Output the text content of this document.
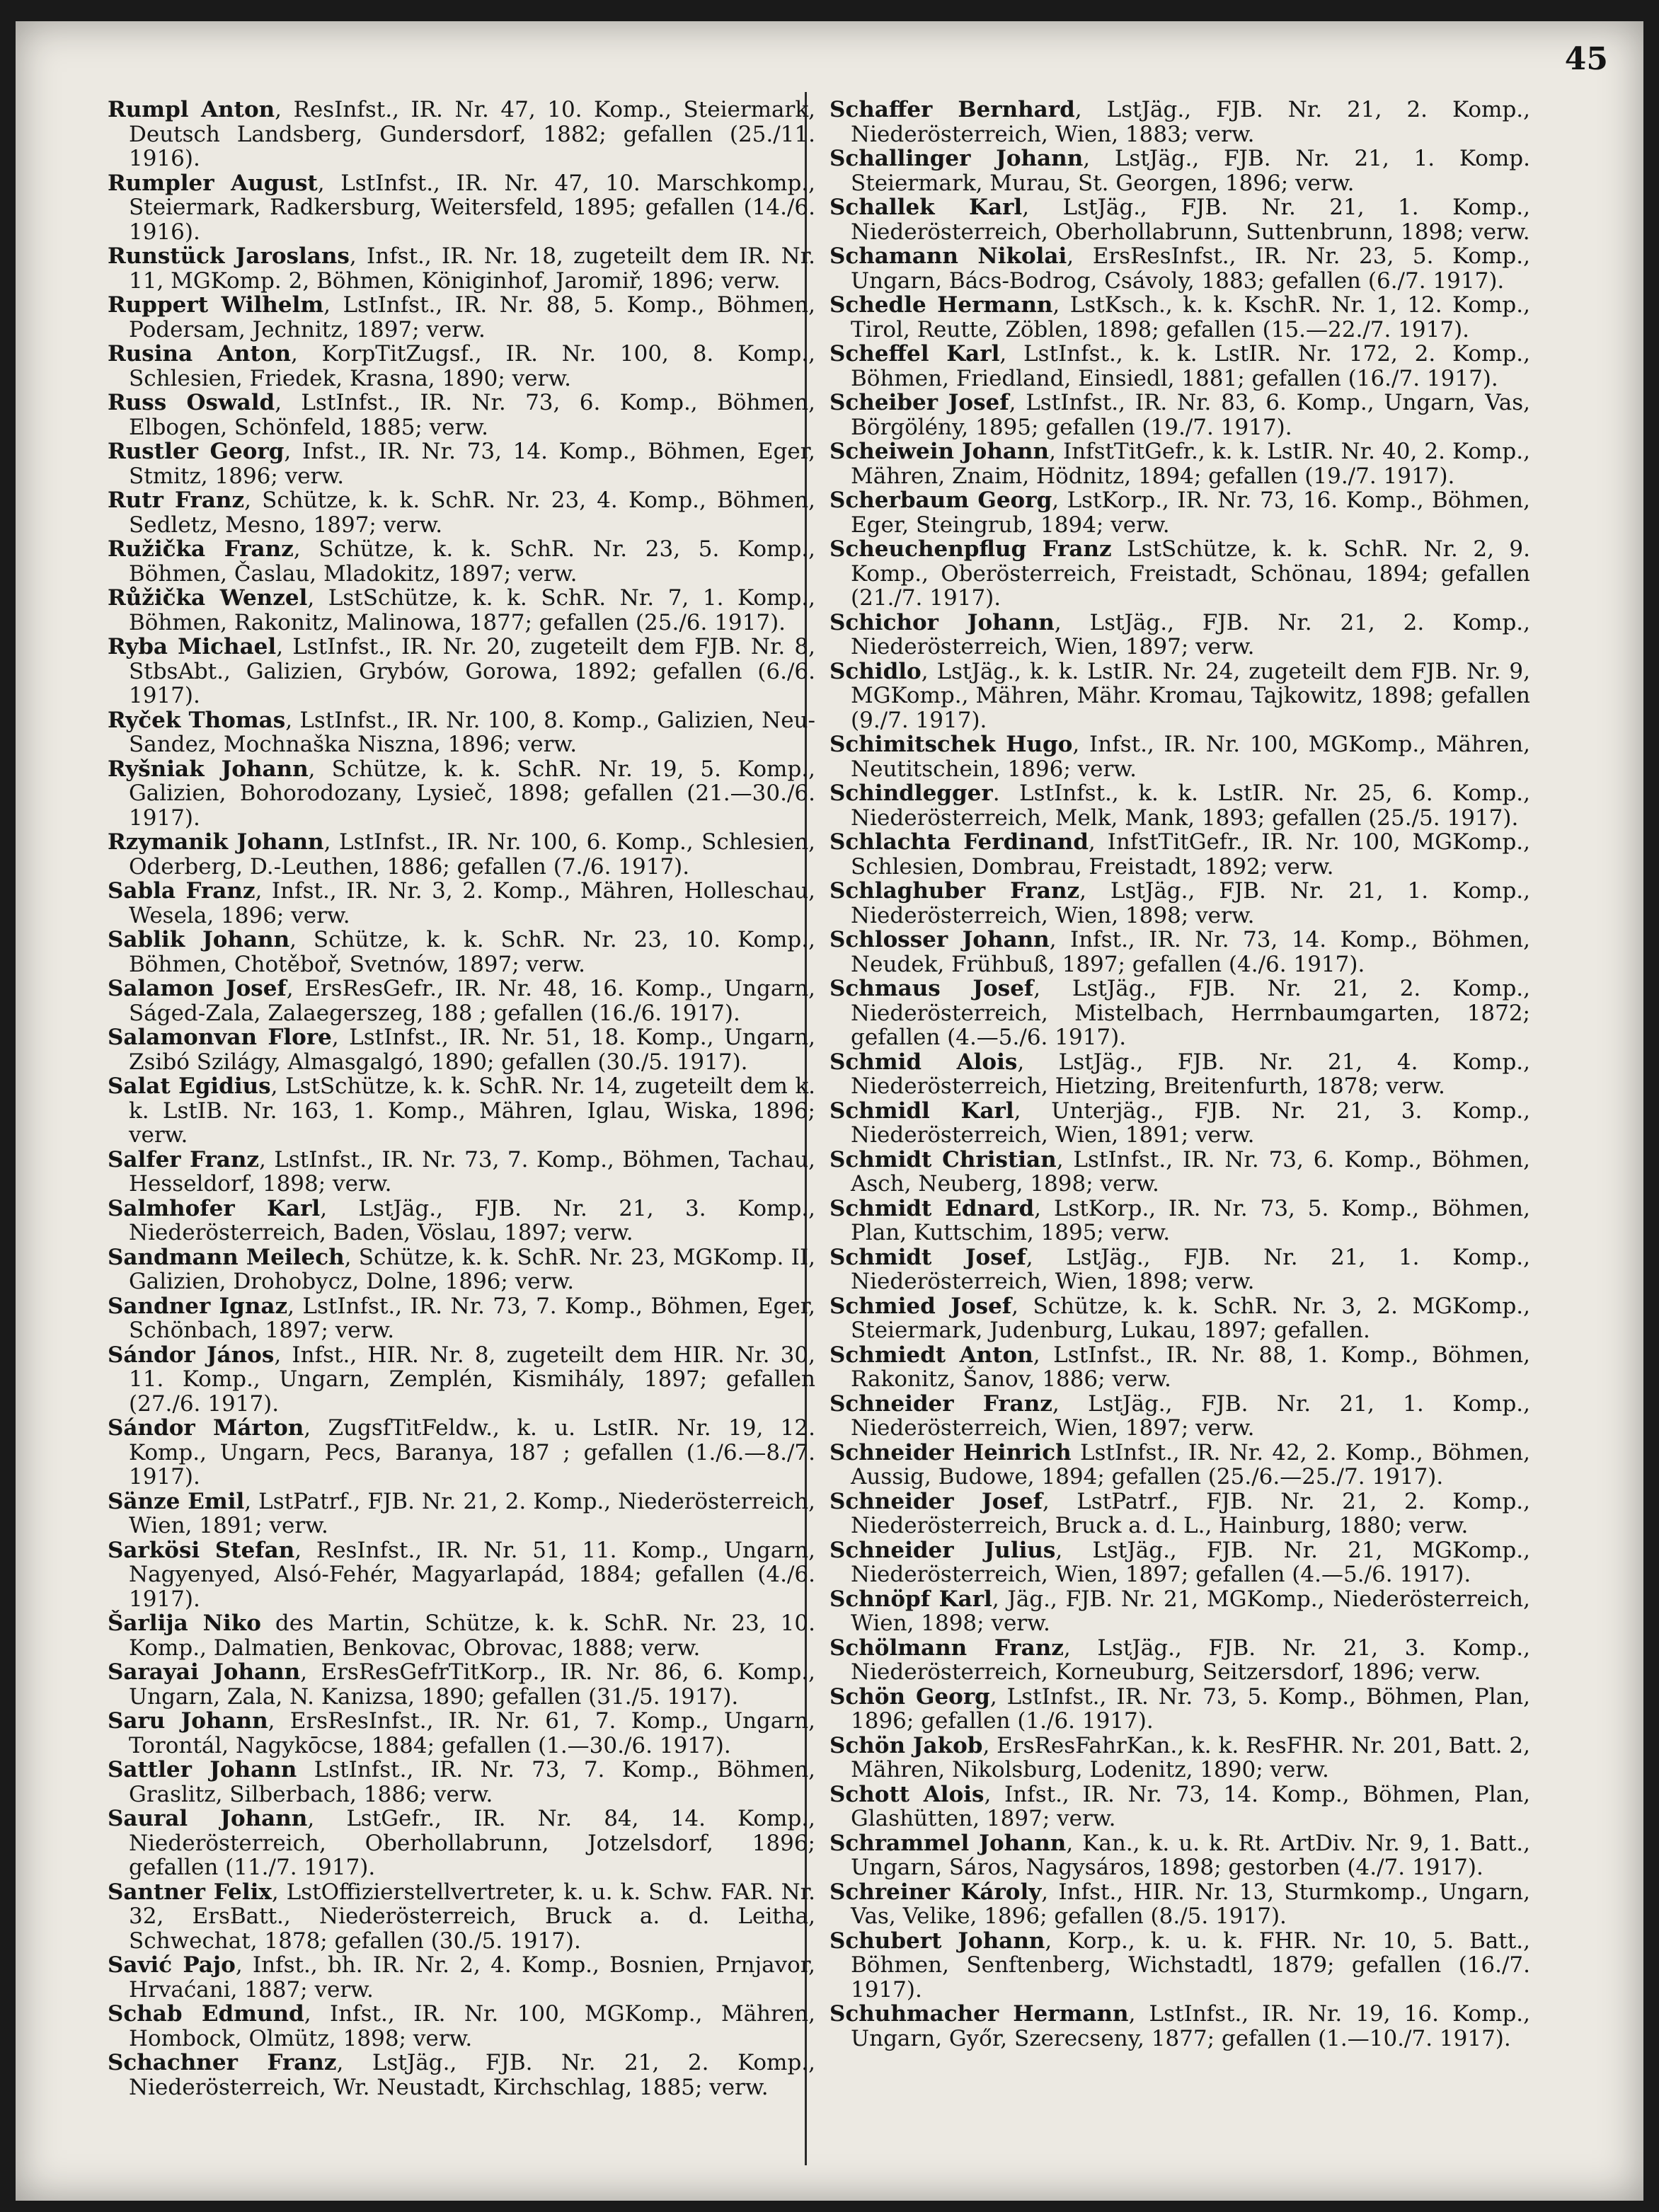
45
Rumpl Anton, ResInfst., IR. Nr. 47, 10. Komp., Steiermark, Deutsch Landsberg, Gundersdorf, 1882; gefallen (25./11. 1916).
Rumpler August, LstInfst., IR. Nr. 47, 10. Marschkomp., Steiermark, Radkersburg, Weitersfeld, 1895; gefallen (14./6. 1916).
Runstück Jaroslans, Infst., IR. Nr. 18, zugeteilt dem IR. Nr. 11, MGKomp. 2, Böhmen, Königinhof, Jaromiř, 1896; verw.
Ruppert Wilhelm, LstInfst., IR. Nr. 88, 5. Komp., Böhmen, Podersam, Jechnitz, 1897; verw.
Rusina Anton, KorpTitZugsf., IR. Nr. 100, 8. Komp., Schlesien, Friedek, Krasna, 1890; verw.
Russ Oswald, LstInfst., IR. Nr. 73, 6. Komp., Böhmen, Elbogen, Schönfeld, 1885; verw.
Rustler Georg, Infst., IR. Nr. 73, 14. Komp., Böhmen, Eger, Stmitz, 1896; verw.
Rutr Franz, Schütze, k. k. SchR. Nr. 23, 4. Komp., Böhmen, Sedletz, Mesno, 1897; verw.
Ružička Franz, Schütze, k. k. SchR. Nr. 23, 5. Komp., Böhmen, Časlau, Mladokitz, 1897; verw.
Růžička Wenzel, LstSchütze, k. k. SchR. Nr. 7, 1. Komp., Böhmen, Rakonitz, Malinowa, 1877; gefallen (25./6. 1917).
Ryba Michael, LstInfst., IR. Nr. 20, zugeteilt dem FJB. Nr. 8, StbsAbt., Galizien, Grybów, Gorowa, 1892; gefallen (6./6. 1917).
Ryček Thomas, LstInfst., IR. Nr. 100, 8. Komp., Galizien, Neu-Sandez, Mochnaška Niszna, 1896; verw.
Ryšniak Johann, Schütze, k. k. SchR. Nr. 19, 5. Komp., Galizien, Bohorodozany, Lysieč, 1898; gefallen (21.—30./6. 1917).
Rzymanik Johann, LstInfst., IR. Nr. 100, 6. Komp., Schlesien, Oderberg, D.-Leuthen, 1886; gefallen (7./6. 1917).
Sabla Franz, Infst., IR. Nr. 3, 2. Komp., Mähren, Holleschau, Wesela, 1896; verw.
Sablik Johann, Schütze, k. k. SchR. Nr. 23, 10. Komp., Böhmen, Chotěboř, Svetnów, 1897; verw.
Salamon Josef, ErsResGefr., IR. Nr. 48, 16. Komp., Ungarn, Ságed-Zala, Zalaegerszeg, 188 ; gefallen (16./6. 1917).
Salamonvan Flore, LstInfst., IR. Nr. 51, 18. Komp., Ungarn, Zsibó Szilágy, Almasgalgó, 1890; gefallen (30./5. 1917).
Salat Egidius, LstSchütze, k. k. SchR. Nr. 14, zugeteilt dem k. k. LstIB. Nr. 163, 1. Komp., Mähren, Iglau, Wiska, 1896; verw.
Salfer Franz, LstInfst., IR. Nr. 73, 7. Komp., Böhmen, Tachau, Hesseldorf, 1898; verw.
Salmhofer Karl, LstJäg., FJB. Nr. 21, 3. Komp., Niederösterreich, Baden, Vöslau, 1897; verw.
Sandmann Meilech, Schütze, k. k. SchR. Nr. 23, MGKomp. II, Galizien, Drohobycz, Dolne, 1896; verw.
Sandner Ignaz, LstInfst., IR. Nr. 73, 7. Komp., Böhmen, Eger, Schönbach, 1897; verw.
Sándor János, Infst., HIR. Nr. 8, zugeteilt dem HIR. Nr. 30, 11. Komp., Ungarn, Zemplén, Kismihály, 1897; gefallen (27./6. 1917).
Sándor Márton, ZugsfTitFeldw., k. u. LstIR. Nr. 19, 12. Komp., Ungarn, Pecs, Baranya, 187 ; gefallen (1./6.—8./7. 1917).
Sänze Emil, LstPatrf., FJB. Nr. 21, 2. Komp., Niederösterreich, Wien, 1891; verw.
Sarkösi Stefan, ResInfst., IR. Nr. 51, 11. Komp., Ungarn, Nagyenyed, Alsó-Fehér, Magyarlapád, 1884; gefallen (4./6. 1917).
Šarlija Niko des Martin, Schütze, k. k. SchR. Nr. 23, 10. Komp., Dalmatien, Benkovac, Obrovac, 1888; verw.
Sarayai Johann, ErsResGefrTitKorp., IR. Nr. 86, 6. Komp., Ungarn, Zala, N. Kanizsa, 1890; gefallen (31./5. 1917).
Saru Johann, ErsResInfst., IR. Nr. 61, 7. Komp., Ungarn, Torontál, Nagykōcse, 1884; gefallen (1.—30./6. 1917).
Sattler Johann LstInfst., IR. Nr. 73, 7. Komp., Böhmen, Graslitz, Silberbach, 1886; verw.
Saural Johann, LstGefr., IR. Nr. 84, 14. Komp., Niederösterreich, Oberhollabrunn, Jotzelsdorf, 1896; gefallen (11./7. 1917).
Santner Felix, LstOffizierstellvertreter, k. u. k. Schw. FAR. Nr. 32, ErsBatt., Niederösterreich, Bruck a. d. Leitha, Schwechat, 1878; gefallen (30./5. 1917).
Savić Pajo, Infst., bh. IR. Nr. 2, 4. Komp., Bosnien, Prnjavor, Hrvaćani, 1887; verw.
Schab Edmund, Infst., IR. Nr. 100, MGKomp., Mähren, Hombock, Olmütz, 1898; verw.
Schachner Franz, LstJäg., FJB. Nr. 21, 2. Komp., Niederösterreich, Wr. Neustadt, Kirchschlag, 1885; verw.
Schaffer Bernhard, LstJäg., FJB. Nr. 21, 2. Komp., Niederösterreich, Wien, 1883; verw.
Schallinger Johann, LstJäg., FJB. Nr. 21, 1. Komp. Steiermark, Murau, St. Georgen, 1896; verw.
Schallek Karl, LstJäg., FJB. Nr. 21, 1. Komp., Niederösterreich, Oberhollabrunn, Suttenbrunn, 1898; verw.
Schamann Nikolai, ErsResInfst., IR. Nr. 23, 5. Komp., Ungarn, Bács-Bodrog, Csávoly, 1883; gefallen (6./7. 1917).
Schedle Hermann, LstKsch., k. k. KschR. Nr. 1, 12. Komp., Tirol, Reutte, Zöblen, 1898; gefallen (15.—22./7. 1917).
Scheffel Karl, LstInfst., k. k. LstIR. Nr. 172, 2. Komp., Böhmen, Friedland, Einsiedl, 1881; gefallen (16./7. 1917).
Scheiber Josef, LstInfst., IR. Nr. 83, 6. Komp., Ungarn, Vas, Börgölény, 1895; gefallen (19./7. 1917).
Scheiwein Johann, InfstTitGefr., k. k. LstIR. Nr. 40, 2. Komp., Mähren, Znaim, Hödnitz, 1894; gefallen (19./7. 1917).
Scherbaum Georg, LstKorp., IR. Nr. 73, 16. Komp., Böhmen, Eger, Steingrub, 1894; verw.
Scheuchenpflug Franz LstSchütze, k. k. SchR. Nr. 2, 9. Komp., Oberösterreich, Freistadt, Schönau, 1894; gefallen (21./7. 1917).
Schichor Johann, LstJäg., FJB. Nr. 21, 2. Komp., Niederösterreich, Wien, 1897; verw.
Schidlo, LstJäg., k. k. LstIR. Nr. 24, zugeteilt dem FJB. Nr. 9, MGKomp., Mähren, Mähr. Kromau, Tajkowitz, 1898; gefallen (9./7. 1917).
Schimitschek Hugo, Infst., IR. Nr. 100, MGKomp., Mähren, Neutitschein, 1896; verw.
Schindlegger. LstInfst., k. k. LstIR. Nr. 25, 6. Komp., Niederösterreich, Melk, Mank, 1893; gefallen (25./5. 1917).
Schlachta Ferdinand, InfstTitGefr., IR. Nr. 100, MGKomp., Schlesien, Dombrau, Freistadt, 1892; verw.
Schlaghuber Franz, LstJäg., FJB. Nr. 21, 1. Komp., Niederösterreich, Wien, 1898; verw.
Schlosser Johann, Infst., IR. Nr. 73, 14. Komp., Böhmen, Neudek, Frühbuß, 1897; gefallen (4./6. 1917).
Schmaus Josef, LstJäg., FJB. Nr. 21, 2. Komp., Niederösterreich, Mistelbach, Herrnbaumgarten, 1872; gefallen (4.—5./6. 1917).
Schmid Alois, LstJäg., FJB. Nr. 21, 4. Komp., Niederösterreich, Hietzing, Breitenfurth, 1878; verw.
Schmidl Karl, Unterjäg., FJB. Nr. 21, 3. Komp., Niederösterreich, Wien, 1891; verw.
Schmidt Christian, LstInfst., IR. Nr. 73, 6. Komp., Böhmen, Asch, Neuberg, 1898; verw.
Schmidt Ednard, LstKorp., IR. Nr. 73, 5. Komp., Böhmen, Plan, Kuttschim, 1895; verw.
Schmidt Josef, LstJäg., FJB. Nr. 21, 1. Komp., Niederösterreich, Wien, 1898; verw.
Schmied Josef, Schütze, k. k. SchR. Nr. 3, 2. MGKomp., Steiermark, Judenburg, Lukau, 1897; gefallen.
Schmiedt Anton, LstInfst., IR. Nr. 88, 1. Komp., Böhmen, Rakonitz, Šanov, 1886; verw.
Schneider Franz, LstJäg., FJB. Nr. 21, 1. Komp., Niederösterreich, Wien, 1897; verw.
Schneider Heinrich LstInfst., IR. Nr. 42, 2. Komp., Böhmen, Aussig, Budowe, 1894; gefallen (25./6.—25./7. 1917).
Schneider Josef, LstPatrf., FJB. Nr. 21, 2. Komp., Niederösterreich, Bruck a. d. L., Hainburg, 1880; verw.
Schneider Julius, LstJäg., FJB. Nr. 21, MGKomp., Niederösterreich, Wien, 1897; gefallen (4.—5./6. 1917).
Schnöpf Karl, Jäg., FJB. Nr. 21, MGKomp., Niederösterreich, Wien, 1898; verw.
Schölmann Franz, LstJäg., FJB. Nr. 21, 3. Komp., Niederösterreich, Korneuburg, Seitzersdorf, 1896; verw.
Schön Georg, LstInfst., IR. Nr. 73, 5. Komp., Böhmen, Plan, 1896; gefallen (1./6. 1917).
Schön Jakob, ErsResFahrKan., k. k. ResFHR. Nr. 201, Batt. 2, Mähren, Nikolsburg, Lodenitz, 1890; verw.
Schott Alois, Infst., IR. Nr. 73, 14. Komp., Böhmen, Plan, Glashütten, 1897; verw.
Schrammel Johann, Kan., k. u. k. Rt. ArtDiv. Nr. 9, 1. Batt., Ungarn, Sáros, Nagysáros, 1898; gestorben (4./7. 1917).
Schreiner Károly, Infst., HIR. Nr. 13, Sturmkomp., Ungarn, Vas, Velike, 1896; gefallen (8./5. 1917).
Schubert Johann, Korp., k. u. k. FHR. Nr. 10, 5. Batt., Böhmen, Senftenberg, Wichstadtl, 1879; gefallen (16./7. 1917).
Schuhmacher Hermann, LstInfst., IR. Nr. 19, 16. Komp., Ungarn, Győr, Szerecseny, 1877; gefallen (1.—10./7. 1917).
